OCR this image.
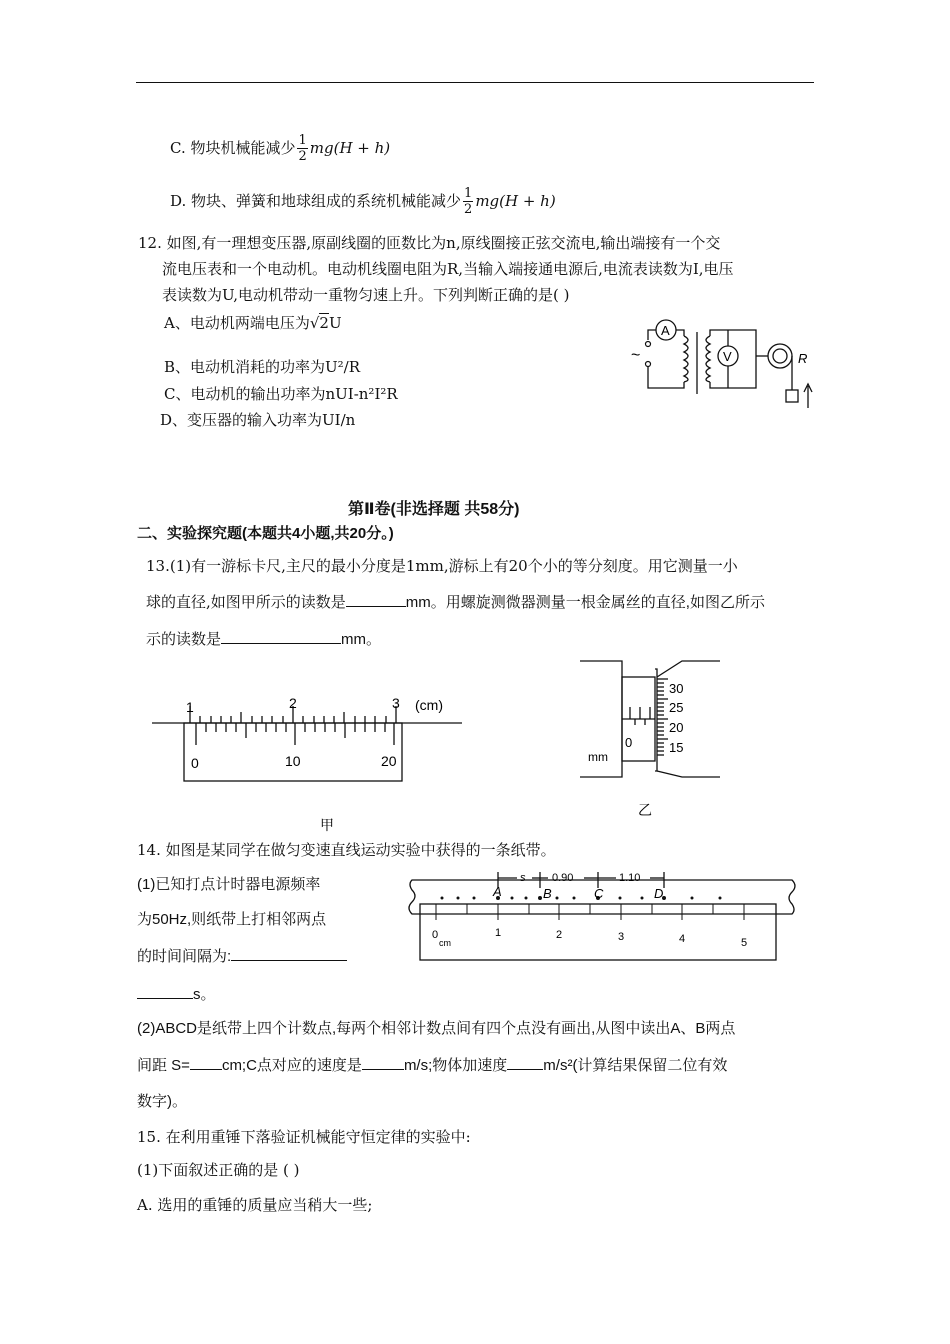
C. 物块机械能减少 $\frac{1}{2} mg(H + h)$
D. 物块、弹簧和地球组成的系统机械能减少 $\frac{1}{2} mg(H + h)$
12. 如图,有一理想变压器,原副线圈的匝数比为n,原线圈接正弦交流电,输出端接有一个交
流电压表和一个电动机。电动机线圈电阻为R,当输入端接通电源后,电流表读数为I,电压
表读数为U,电动机带动一重物匀速上升。下列判断正确的是( )
A、电动机两端电压为√2U
B、电动机消耗的功率为U²/R
C、电动机的输出功率为nUI-n²I²R
D、变压器的输入功率为UI/n
A
V	R
~
第Ⅱ卷(非选择题 共58分)
二、实验探究题(本题共4小题,共20分。)
13.(1)有一游标卡尺,主尺的最小分度是1mm,游标上有20个小的等分刻度。用它测量一小
球的直径,如图甲所示的读数是	mm。用螺旋测微器测量一根金属丝的直径,如图乙所示
示的读数是	mm。
1	2	3 (cm)
0	10	20
甲
30
25
20
15
0
mm
乙
14. 如图是某同学在做匀变速直线运动实验中获得的一条纸带。
(1)已知打点计时器电源频率
为50Hz,则纸带上打相邻两点
的时间间隔为:
s。
(2)ABCD是纸带上四个计数点,每两个相邻计数点间有四个点没有画出,从图中读出A、B两点
间距 S= cm;C点对应的速度是	m/s;物体加速度 m/s²(计算结果保留二位有效
数字)。
A	B	C	D
s 0.90	1.10
0
cm
1	2	3	4	5
15. 在利用重锤下落验证机械能守恒定律的实验中:
(1)下面叙述正确的是 ( )
A. 选用的重锤的质量应当稍大一些;
